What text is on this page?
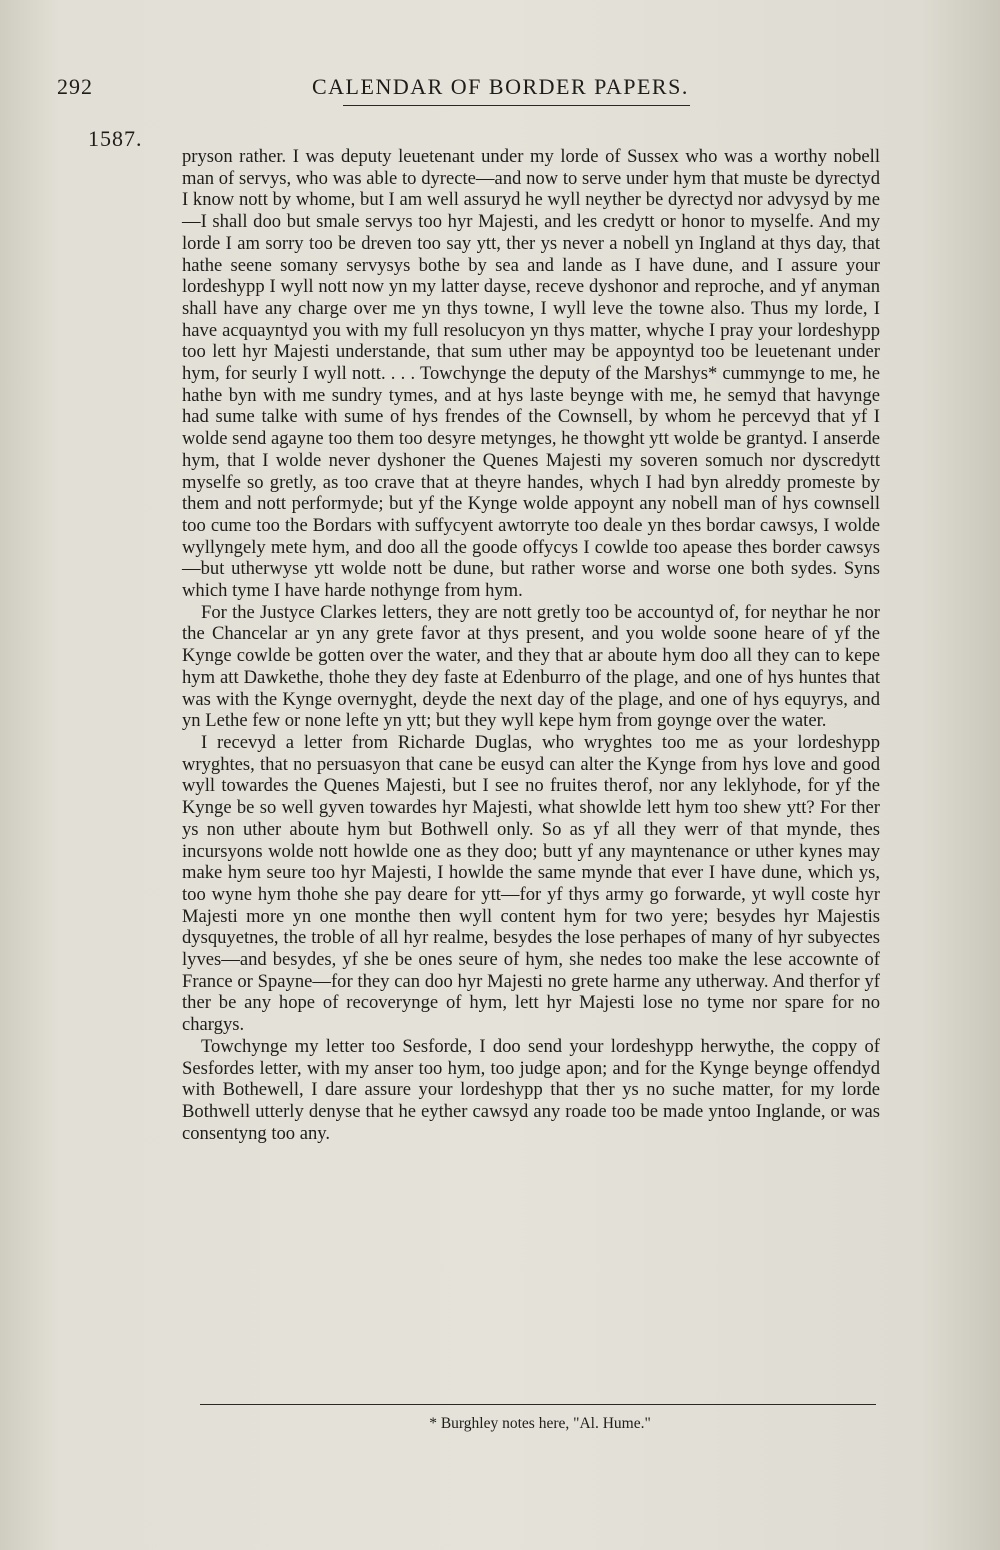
292	CALENDAR OF BORDER PAPERS.
1587.

pryson rather. I was deputy leuetenant under my lorde of Sussex who was a worthy nobell man of servys, who was able to dyrecte—and now to serve under hym that muste be dyrectyd I know nott by whome, but I am well assuryd he wyll neyther be dyrectyd nor advysyd by me—I shall doo but smale servys too hyr Majesti, and les credytt or honor to myselfe. And my lorde I am sorry too be dreven too say ytt, ther ys never a nobell yn Ingland at thys day, that hathe seene somany servysys bothe by sea and lande as I have dune, and I assure your lordeshypp I wyll nott now yn my latter dayse, receve dyshonor and reproche, and yf anyman shall have any charge over me yn thys towne, I wyll leve the towne also. Thus my lorde, I have acquayntyd you with my full resolucyon yn thys matter, whyche I pray your lordeshypp too lett hyr Majesti understande, that sum uther may be appoyntyd too be leuetenant under hym, for seurly I wyll nott. . . . Towchynge the deputy of the Marshys* cummynge to me, he hathe byn with me sundry tymes, and at hys laste beynge with me, he semyd that havynge had sume talke with sume of hys frendes of the Cownsell, by whom he percevyd that yf I wolde send agayne too them too desyre metynges, he thowght ytt wolde be grantyd. I anserde hym, that I wolde never dyshoner the Quenes Majesti my soveren somuch nor dyscredytt myselfe so gretly, as too crave that at theyre handes, whych I had byn alreddy promeste by them and nott performyde; but yf the Kynge wolde appoynt any nobell man of hys cownsell too cume too the Bordars with suffycyent awtorryte too deale yn thes bordar cawsys, I wolde wyllyngely mete hym, and doo all the goode offycys I cowlde too apease thes border cawsys—but utherwyse ytt wolde nott be dune, but rather worse and worse one both sydes. Syns which tyme I have harde nothynge from hym.

For the Justyce Clarkes letters, they are nott gretly too be accountyd of, for neythar he nor the Chancelar ar yn any grete favor at thys present, and you wolde soone heare of yf the Kynge cowlde be gotten over the water, and they that ar aboute hym doo all they can to kepe hym att Dawkethe, thohe they dey faste at Edenburro of the plage, and one of hys huntes that was with the Kynge overnyght, deyde the next day of the plage, and one of hys equyrys, and yn Lethe few or none lefte yn ytt; but they wyll kepe hym from goynge over the water.

I recevyd a letter from Richarde Duglas, who wryghtes too me as your lordeshypp wryghtes, that no persuasyon that cane be eusyd can alter the Kynge from hys love and good wyll towardes the Quenes Majesti, but I see no fruites therof, nor any leklyhode, for yf the Kynge be so well gyven towardes hyr Majesti, what showlde lett hym too shew ytt? For ther ys non uther aboute hym but Bothwell only. So as yf all they werr of that mynde, thes incursyons wolde nott howlde one as they doo; butt yf any mayntenance or uther kynes may make hym seure too hyr Majesti, I howlde the same mynde that ever I have dune, which ys, too wyne hym thohe she pay deare for ytt—for yf thys army go forwarde, yt wyll coste hyr Majesti more yn one monthe then wyll content hym for two yere; besydes hyr Majestis dysquyetnes, the troble of all hyr realme, besydes the lose perhapes of many of hyr subyectes lyves—and besydes, yf she be ones seure of hym, she nedes too make the lese accownte of France or Spayne—for they can doo hyr Majesti no grete harme any utherway. And therfor yf ther be any hope of recoverynge of hym, lett hyr Majesti lose no tyme nor spare for no chargys.

Towchynge my letter too Sesforde, I doo send your lordeshypp herwythe, the coppy of Sesfordes letter, with my anser too hym, too judge apon; and for the Kynge beynge offendyd with Bothewell, I dare assure your lordeshypp that ther ys no suche matter, for my lorde Bothwell utterly denyse that he eyther cawsyd any roade too be made yntoo Inglande, or was consentyng too any.

* Burghley notes here, "Al. Hume."
